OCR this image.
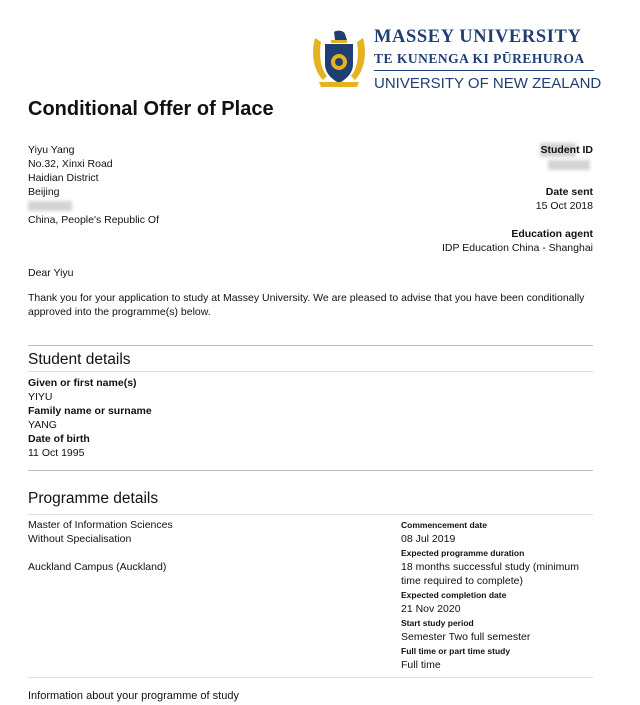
MASSEY UNIVERSITY
TE KUNENGA KI PŪREHUROA
UNIVERSITY OF NEW ZEALAND
Conditional Offer of Place
Yiyu Yang
No.32, Xinxi Road
Haidian District
Beijing
China, People's Republic Of
Student ID
Date sent
15 Oct 2018
Education agent
IDP Education China - Shanghai
Dear Yiyu
Thank you for your application to study at Massey University. We are pleased to advise that you have been conditionally
approved into the programme(s) below.
Student details
Given or first name(s)
YIYU
Family name or surname
YANG
Date of birth
11 Oct 1995
Programme details
Master of Information Sciences
Without Specialisation
Auckland Campus (Auckland)
Commencement date
08 Jul 2019
Expected programme duration
18 months successful study (minimum
time required to complete)
Expected completion date
21 Nov 2020
Start study period
Semester Two full semester
Full time or part time study
Full time
Information about your programme of study
